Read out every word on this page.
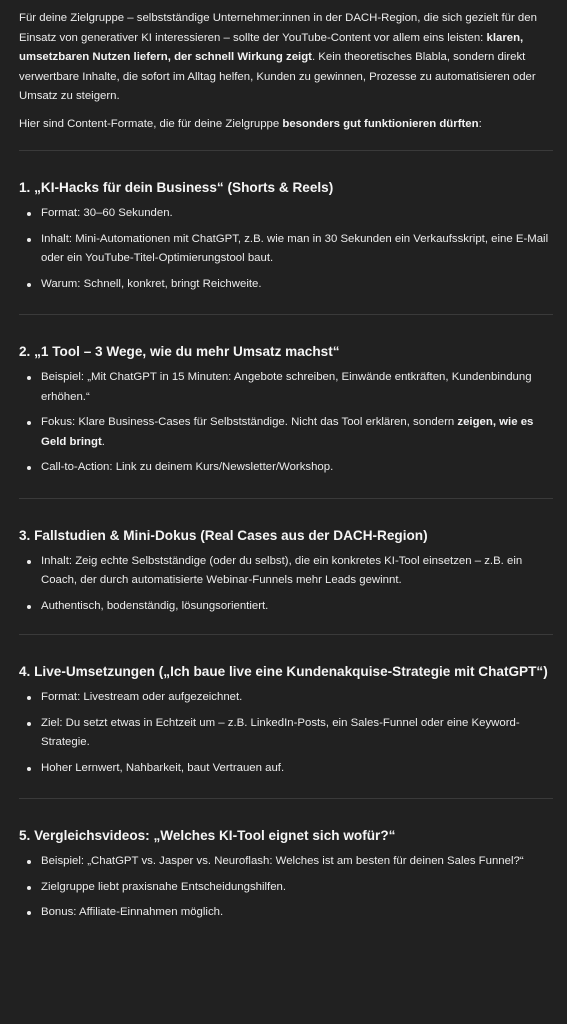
Für deine Zielgruppe – selbstständige Unternehmer:innen in der DACH-Region, die sich gezielt für den Einsatz von generativer KI interessieren – sollte der YouTube-Content vor allem eins leisten: klaren, umsetzbaren Nutzen liefern, der schnell Wirkung zeigt. Kein theoretisches Blabla, sondern direkt verwertbare Inhalte, die sofort im Alltag helfen, Kunden zu gewinnen, Prozesse zu automatisieren oder Umsatz zu steigern.

Hier sind Content-Formate, die für deine Zielgruppe besonders gut funktionieren dürften:

1. „KI-Hacks für dein Business“ (Shorts & Reels)
Format: 30–60 Sekunden.
Inhalt: Mini-Automationen mit ChatGPT, z.B. wie man in 30 Sekunden ein Verkaufsskript, eine E-Mail oder ein YouTube-Titel-Optimierungstool baut.
Warum: Schnell, konkret, bringt Reichweite.
2. „1 Tool – 3 Wege, wie du mehr Umsatz machst“
Beispiel: „Mit ChatGPT in 15 Minuten: Angebote schreiben, Einwände entkräften, Kundenbindung erhöhen.“
Fokus: Klare Business-Cases für Selbstständige. Nicht das Tool erklären, sondern zeigen, wie es Geld bringt.
Call-to-Action: Link zu deinem Kurs/Newsletter/Workshop.
3. Fallstudien & Mini-Dokus (Real Cases aus der DACH-Region)
Inhalt: Zeig echte Selbstständige (oder du selbst), die ein konkretes KI-Tool einsetzen – z.B. ein Coach, der durch automatisierte Webinar-Funnels mehr Leads gewinnt.
Authentisch, bodenständig, lösungsorientiert.
4. Live-Umsetzungen („Ich baue live eine Kundenakquise-Strategie mit ChatGPT“)
Format: Livestream oder aufgezeichnet.
Ziel: Du setzt etwas in Echtzeit um – z.B. LinkedIn-Posts, ein Sales-Funnel oder eine Keyword-Strategie.
Hoher Lernwert, Nahbarkeit, baut Vertrauen auf.
5. Vergleichsvideos: „Welches KI-Tool eignet sich wofür?“
Beispiel: „ChatGPT vs. Jasper vs. Neuroflash: Welches ist am besten für deinen Sales Funnel?“
Zielgruppe liebt praxisnahe Entscheidungshilfen.
Bonus: Affiliate-Einnahmen möglich.
